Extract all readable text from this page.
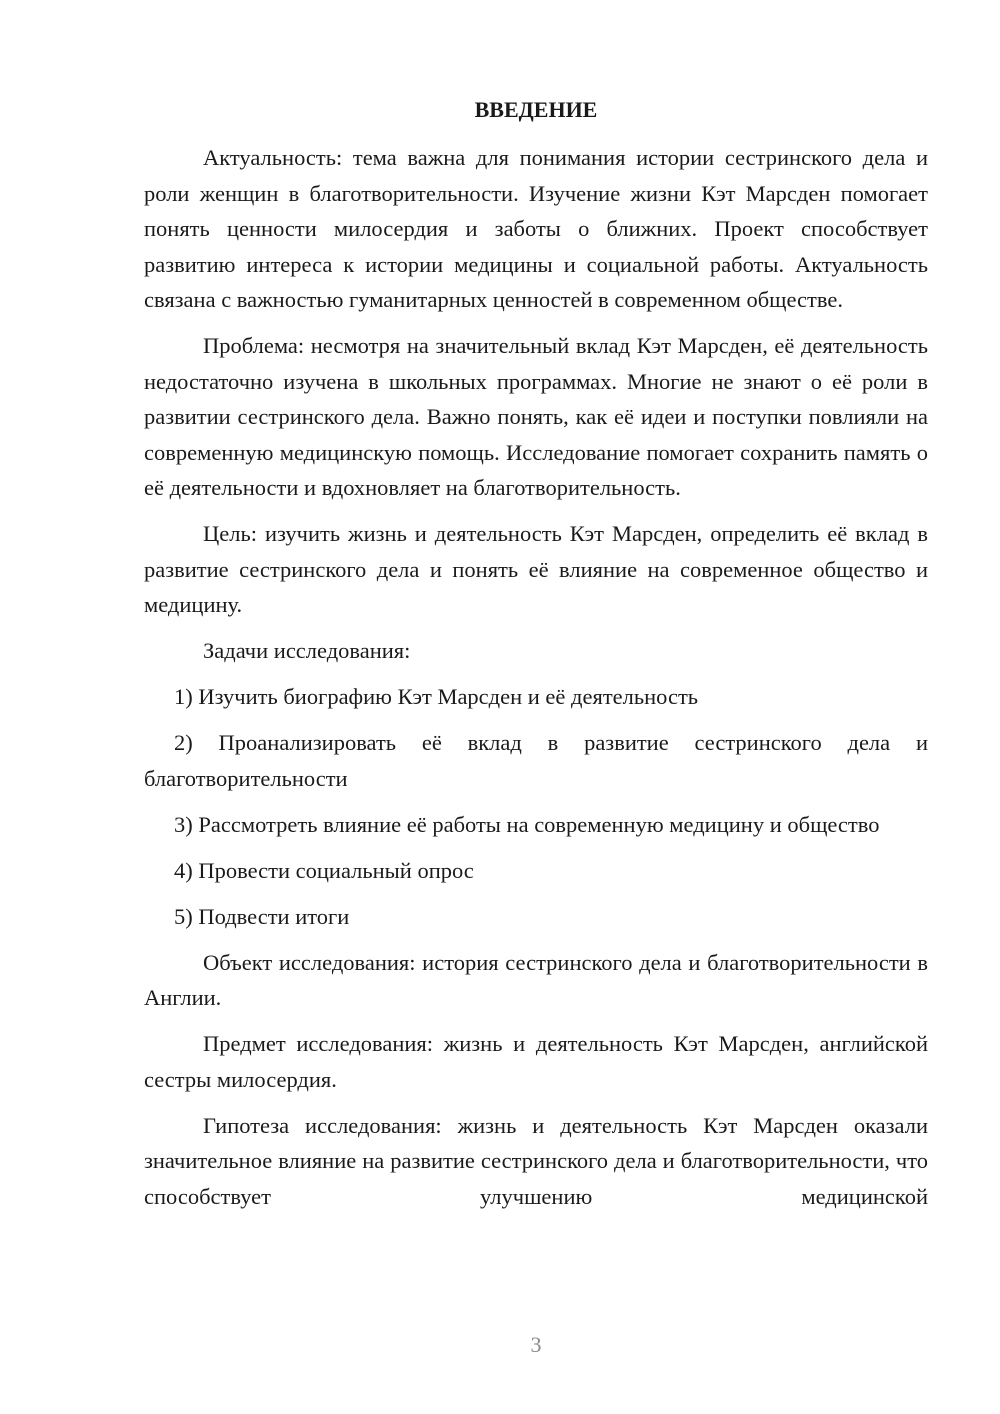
ВВЕДЕНИЕ

Актуальность: тема важна для понимания истории сестринского дела и роли женщин в благотворительности. Изучение жизни Кэт Марсден помогает понять ценности милосердия и заботы о ближних. Проект способствует развитию интереса к истории медицины и социальной работы. Актуальность связана с важностью гуманитарных ценностей в современном обществе.

Проблема: несмотря на значительный вклад Кэт Марсден, её деятельность недостаточно изучена в школьных программах. Многие не знают о её роли в развитии сестринского дела. Важно понять, как её идеи и поступки повлияли на современную медицинскую помощь. Исследование помогает сохранить память о её деятельности и вдохновляет на благотворительность.

Цель: изучить жизнь и деятельность Кэт Марсден, определить её вклад в развитие сестринского дела и понять её влияние на современное общество и медицину.

Задачи исследования:

1) Изучить биографию Кэт Марсден и её деятельность

2) Проанализировать её вклад в развитие сестринского дела и благотворительности

3) Рассмотреть влияние её работы на современную медицину и общество

4) Провести социальный опрос

5) Подвести итоги

Объект исследования: история сестринского дела и благотворительности в Англии.

Предмет исследования: жизнь и деятельность Кэт Марсден, английской сестры милосердия.

Гипотеза исследования: жизнь и деятельность Кэт Марсден оказали значительное влияние на развитие сестринского дела и благотворительности, что способствует улучшению медицинской

3
